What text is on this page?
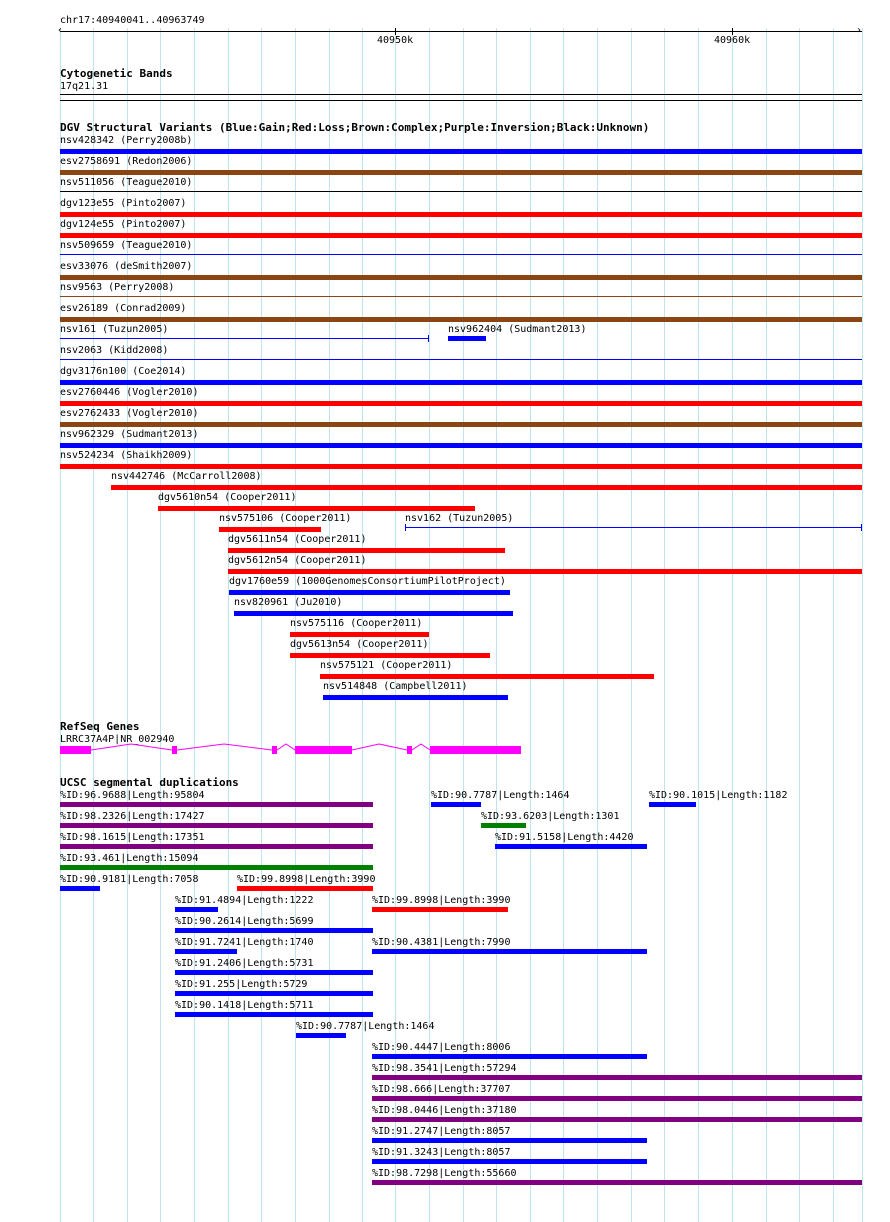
chr17:40940041..40963749
‹	›
40950k	40960k
Cytogenetic Bands
17q21.31
DGV Structural Variants (Blue:Gain;Red:Loss;Brown:Complex;Purple:Inversion;Black:Unknown)
nsv428342 (Perry2008b)
esv2758691 (Redon2006)
nsv511056 (Teague2010)
dgv123e55 (Pinto2007)
dgv124e55 (Pinto2007)
nsv509659 (Teague2010)
esv33076 (deSmith2007)
nsv9563 (Perry2008)
esv26189 (Conrad2009)
nsv161 (Tuzun2005)	nsv962404 (Sudmant2013)
nsv2063 (Kidd2008)
dgv3176n100 (Coe2014)
esv2760446 (Vogler2010)
esv2762433 (Vogler2010)
nsv962329 (Sudmant2013)
nsv524234 (Shaikh2009)
nsv442746 (McCarroll2008)
dgv5610n54 (Cooper2011)
nsv575106 (Cooper2011)	nsv162 (Tuzun2005)
dgv5611n54 (Cooper2011)
dgv5612n54 (Cooper2011)
dgv1760e59 (1000GenomesConsortiumPilotProject)
nsv820961 (Ju2010)
nsv575116 (Cooper2011)
dgv5613n54 (Cooper2011)
nsv575121 (Cooper2011)
nsv514848 (Campbell2011)
RefSeq Genes
LRRC37A4P|NR_002940
UCSC segmental duplications
%ID:96.9688|Length:95804	%ID:90.7787|Length:1464	%ID:90.1015|Length:1182
%ID:98.2326|Length:17427	%ID:93.6203|Length:1301
%ID:98.1615|Length:17351	%ID:91.5158|Length:4420
%ID:93.461|Length:15094
%ID:90.9181|Length:7058	%ID:99.8998|Length:3990
%ID:91.4894|Length:1222	%ID:99.8998|Length:3990
%ID:90.2614|Length:5699
%ID:91.7241|Length:1740	%ID:90.4381|Length:7990
%ID:91.2406|Length:5731
%ID:91.255|Length:5729
%ID:90.1418|Length:5711
%ID:90.7787|Length:1464
%ID:90.4447|Length:8006
%ID:98.3541|Length:57294
%ID:98.666|Length:37707
%ID:98.0446|Length:37180
%ID:91.2747|Length:8057
%ID:91.3243|Length:8057
%ID:98.7298|Length:55660
